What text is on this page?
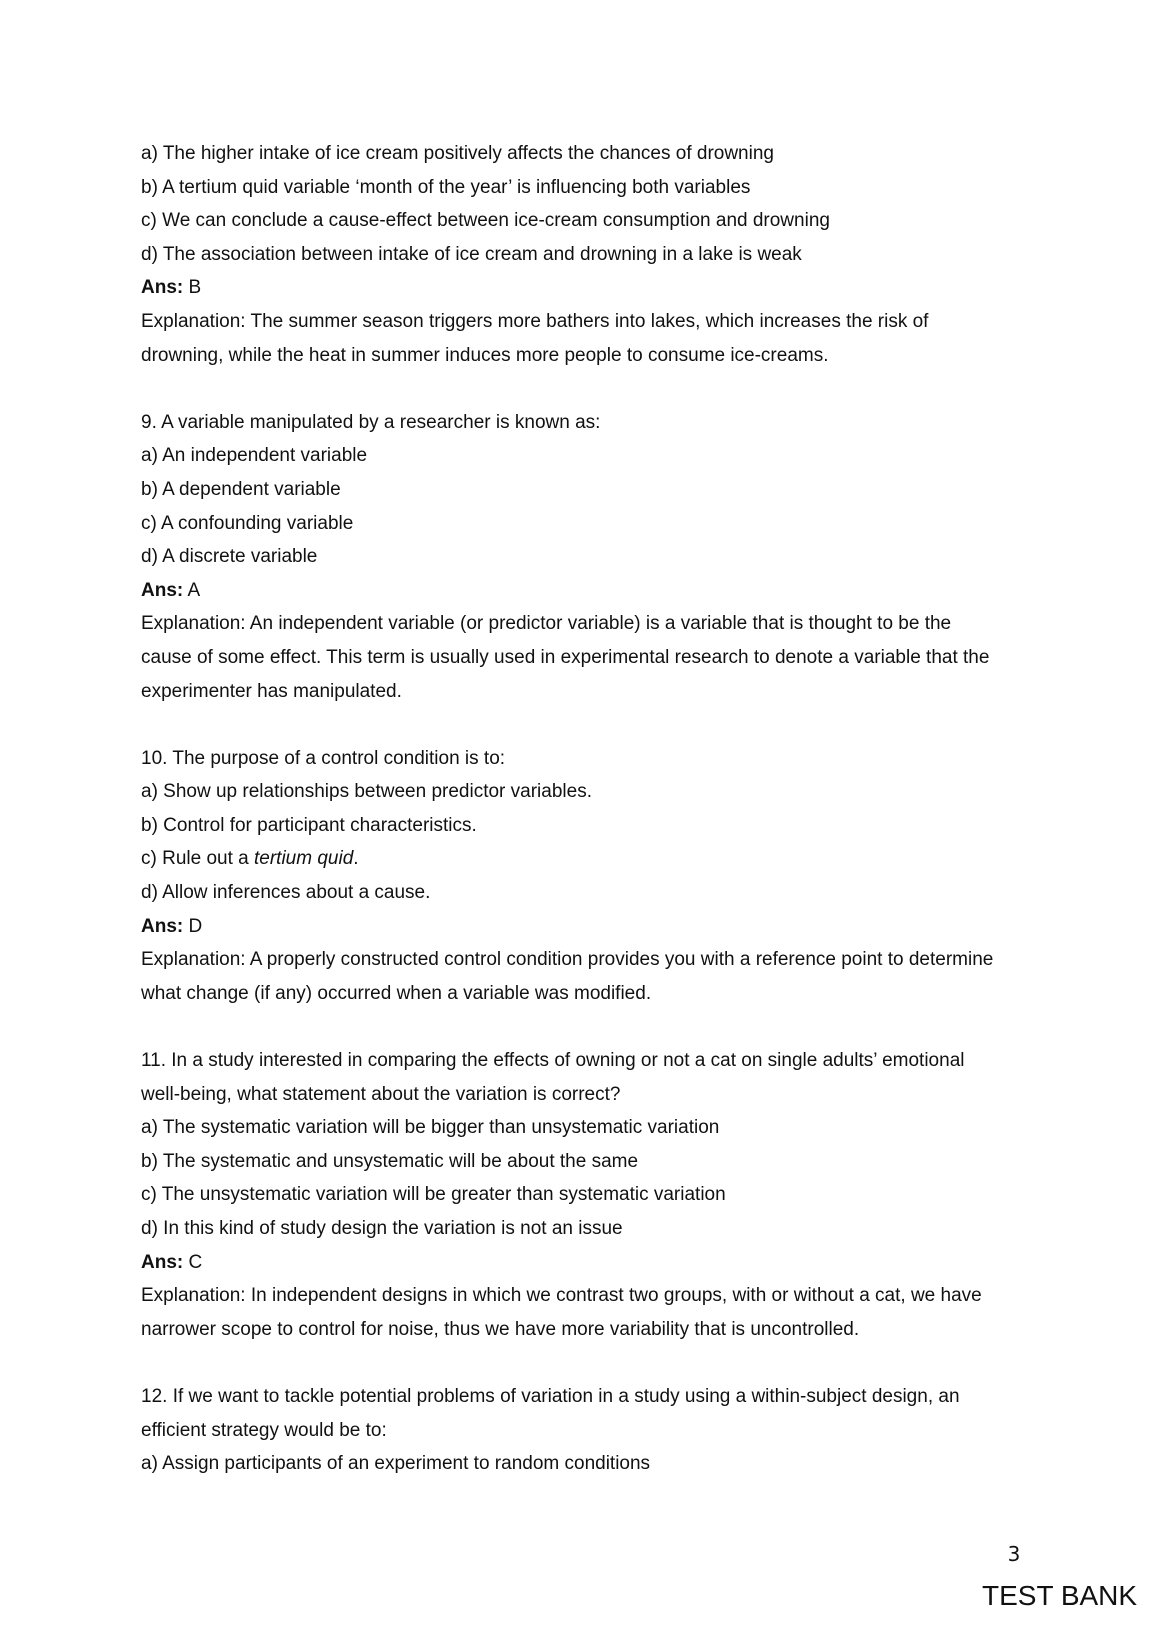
a) The higher intake of ice cream positively affects the chances of drowning
b) A tertium quid variable ‘month of the year’ is influencing both variables
c) We can conclude a cause-effect between ice-cream consumption and drowning
d) The association between intake of ice cream and drowning in a lake is weak
Ans: B
Explanation: The summer season triggers more bathers into lakes, which increases the risk of
drowning, while the heat in summer induces more people to consume ice-creams.
9. A variable manipulated by a researcher is known as:
a) An independent variable
b) A dependent variable
c) A confounding variable
d) A discrete variable
Ans: A
Explanation: An independent variable (or predictor variable) is a variable that is thought to be the
cause of some effect. This term is usually used in experimental research to denote a variable that the
experimenter has manipulated.
10. The purpose of a control condition is to:
a) Show up relationships between predictor variables.
b) Control for participant characteristics.
c) Rule out a tertium quid.
d) Allow inferences about a cause.
Ans: D
Explanation: A properly constructed control condition provides you with a reference point to determine
what change (if any) occurred when a variable was modified.
11. In a study interested in comparing the effects of owning or not a cat on single adults’ emotional
well-being, what statement about the variation is correct?
a) The systematic variation will be bigger than unsystematic variation
b) The systematic and unsystematic will be about the same
c) The unsystematic variation will be greater than systematic variation
d) In this kind of study design the variation is not an issue
Ans: C
Explanation: In independent designs in which we contrast two groups, with or without a cat, we have
narrower scope to control for noise, thus we have more variability that is uncontrolled.
12. If we want to tackle potential problems of variation in a study using a within-subject design, an
efficient strategy would be to:
a) Assign participants of an experiment to random conditions
3
TEST BANK
